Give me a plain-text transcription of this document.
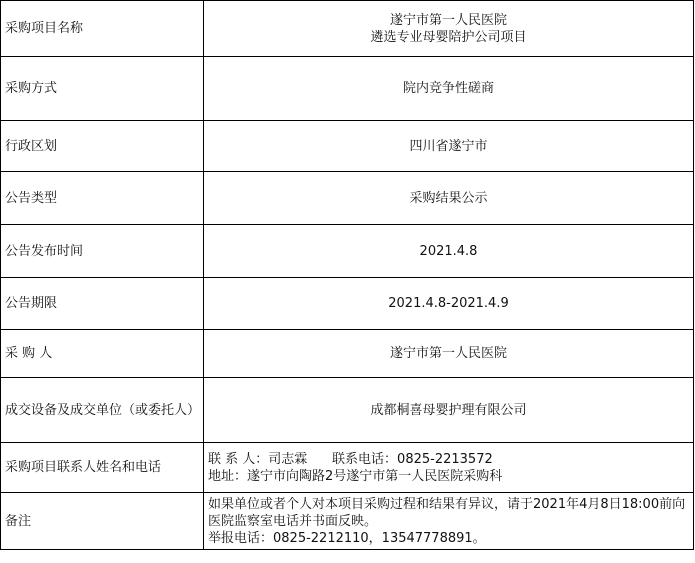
采购项目名称	遂宁市第一人民医院
遴选专业母婴陪护公司项目

采购方式	院内竞争性磋商
行政区划	四川省遂宁市
公告类型	采购结果公示
公告发布时间	2021.4.8
公告期限	2021.4.8-2021.4.9
采 购 人	遂宁市第一人民医院
成交设备及成交单位（或委托人）	成都桐喜母婴护理有限公司
采购项目联系人姓名和电话	联 系 人：司志霖      联系电话：0825-2213572
地址：遂宁市向陶路2号遂宁市第一人民医院采购科

备注	如果单位或者个人对本项目采购过程和结果有异议，请于2021年4月8日18:00前向医院监察室电话并书面反映。
举报电话：0825-2212110，13547778891。
